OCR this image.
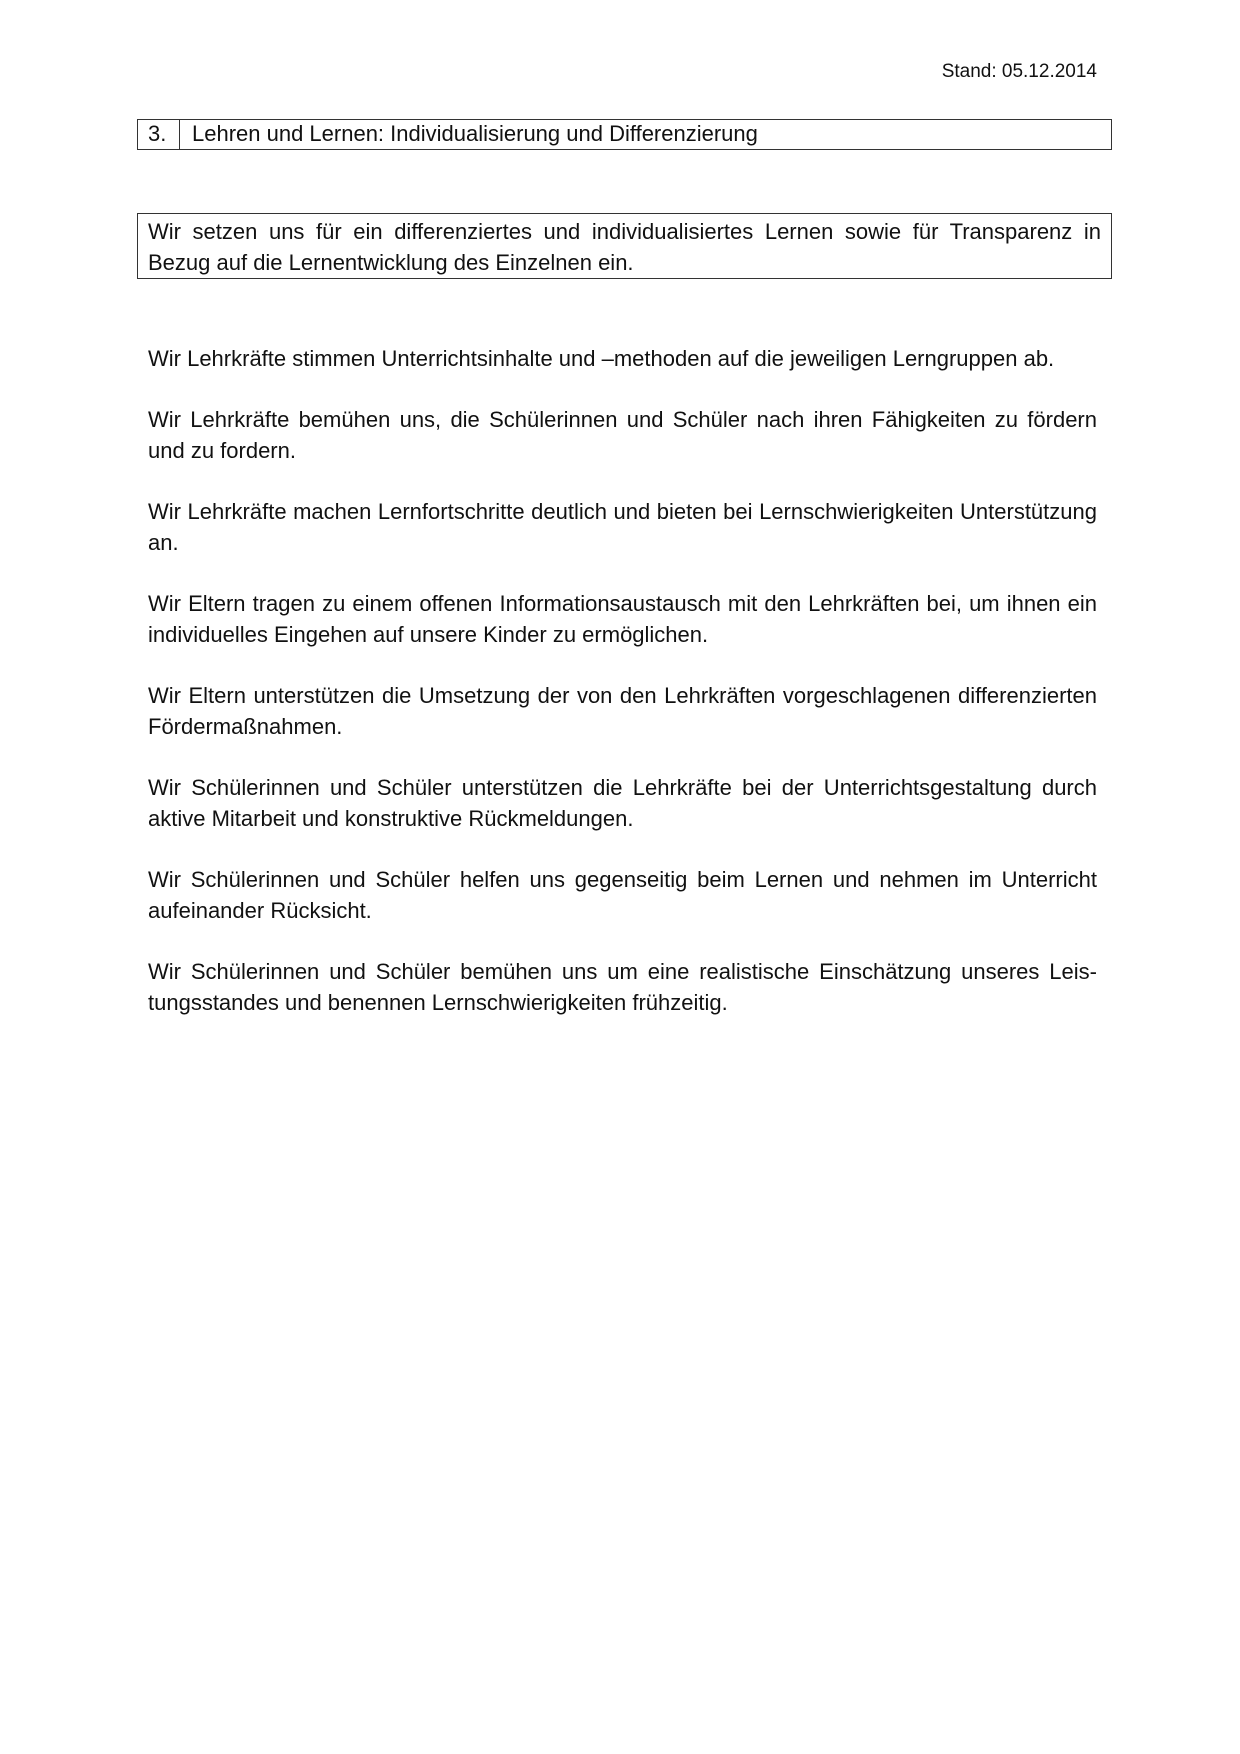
Stand: 05.12.2014
3.	Lehren und Lernen: Individualisierung und Differenzierung
Wir setzen uns für ein differenziertes und individualisiertes Lernen sowie für Transparenz in Bezug auf die Lernentwicklung des Einzelnen ein.
Wir Lehrkräfte stimmen Unterrichtsinhalte und –methoden auf die jeweiligen Lerngruppen ab.
Wir Lehrkräfte bemühen uns, die Schülerinnen und Schüler nach ihren Fähigkeiten zu fördern und zu fordern.
Wir Lehrkräfte machen Lernfortschritte deutlich und bieten bei Lernschwierigkeiten Unterstützung an.
Wir Eltern tragen zu einem offenen Informationsaustausch mit den Lehrkräften bei, um ihnen ein individuelles Eingehen auf unsere Kinder zu ermöglichen.
Wir Eltern unterstützen die Umsetzung der von den Lehrkräften vorgeschlagenen differenzierten Fördermaßnahmen.
Wir Schülerinnen und Schüler unterstützen die Lehrkräfte bei der Unterrichtsgestaltung durch aktive Mitarbeit und konstruktive Rückmeldungen.
Wir Schülerinnen und Schüler helfen uns gegenseitig beim Lernen und nehmen im Unterricht aufeinander Rücksicht.
Wir Schülerinnen und Schüler bemühen uns um eine realistische Einschätzung unseres Leistungsstandes und benennen Lernschwierigkeiten frühzeitig.
